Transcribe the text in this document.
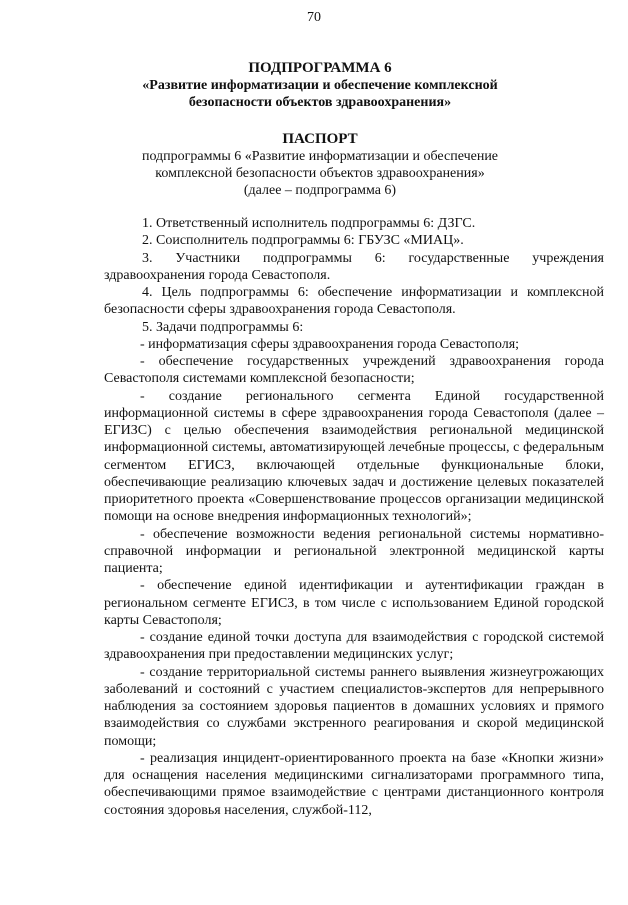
70
ПОДПРОГРАММА 6
«Развитие информатизации и обеспечение комплексной
безопасности объектов здравоохранения»
ПАСПОРТ
подпрограммы 6 «Развитие информатизации и обеспечение
комплексной безопасности объектов здравоохранения»
(далее – подпрограмма 6)

1. Ответственный исполнитель подпрограммы 6: ДЗГС.

2. Соисполнитель подпрограммы 6: ГБУЗС «МИАЦ».

3. Участники подпрограммы 6: государственные учреждения здравоохранения города Севастополя.

4. Цель подпрограммы 6: обеспечение информатизации и комплексной безопасности сферы здравоохранения города Севастополя.

5. Задачи подпрограммы 6:

- информатизация сферы здравоохранения города Севастополя;

- обеспечение государственных учреждений здравоохранения города Севастополя системами комплексной безопасности;

- создание регионального сегмента Единой государственной информационной системы в сфере здравоохранения города Севастополя (далее – ЕГИЗС) с целью обеспечения взаимодействия региональной медицинской информационной системы, автоматизирующей лечебные процессы, с федеральным сегментом ЕГИСЗ, включающей отдельные функциональные блоки, обеспечивающие реализацию ключевых задач и достижение целевых показателей приоритетного проекта «Совершенствование процессов организации медицинской помощи на основе внедрения информационных технологий»;

- обеспечение возможности ведения региональной системы нормативно-справочной информации и региональной электронной медицинской карты пациента;

- обеспечение единой идентификации и аутентификации граждан в региональном сегменте ЕГИСЗ, в том числе с использованием Единой городской карты Севастополя;

- создание единой точки доступа для взаимодействия с городской системой здравоохранения при предоставлении медицинских услуг;

- создание территориальной системы раннего выявления жизнеугрожающих заболеваний и состояний с участием специалистов-экспертов для непрерывного наблюдения за состоянием здоровья пациентов в домашних условиях и прямого взаимодействия со службами экстренного реагирования и скорой медицинской помощи;

- реализация инцидент-ориентированного проекта на базе «Кнопки жизни» для оснащения населения медицинскими сигнализаторами программного типа, обеспечивающими прямое взаимодействие с центрами дистанционного контроля состояния здоровья населения, службой-112,
